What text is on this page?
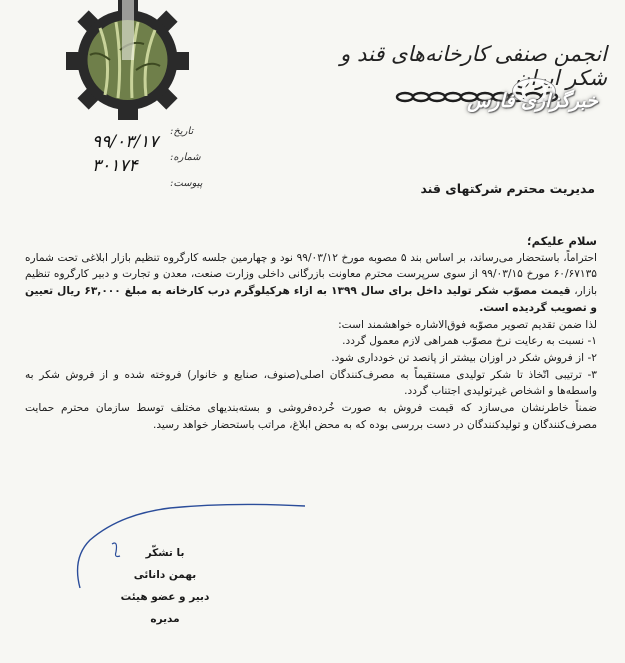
انجمن صنفی کارخانه‌های قند و شکر ایران
خبرگزاری فارس
تاریخ:
۹۹/۰۳/۱۷
شماره:
۳۰۱۷۴
پیوست:	مدیریت محترم شرکتهای قند

سلام علیکم؛

احتراماً، باستحضار می‌رساند، بر اساس بند ۵ مصوبه مورخ ۹۹/۰۳/۱۲ نود و چهارمین جلسه کارگروه تنظیم بازار ابلاغی تحت شماره ۶۰/۶۷۱۳۵ مورخ ۹۹/۰۳/۱۵ از سوی سرپرست محترم معاونت بازرگانی داخلی وزارت صنعت، معدن و تجارت و دبیر کارگروه تنظیم بازار، قیمت مصوّب شکر تولید داخل برای سال ۱۳۹۹ به ازاء هرکیلوگرم درب کارخانه به مبلغ ۶۳,۰۰۰ ریال تعیین و تصویب گردیده است.

لذا ضمن تقدیم تصویر مصوّبه فوق‌الاشاره خواهشمند است:

۱- نسبت به رعایت نرخ مصوّب همراهی لازم معمول گردد.

۲- از فروش شکر در اوزان بیشتر از پانصد تن خودداری شود.

۳- ترتیبی اتّخاذ تا شکر تولیدی مستقیماً به مصرف‌کنندگان اصلی(صنوف، صنایع و خانوار) فروخته شده و از فروش شکر به واسطه‌ها و اشخاص غیرتولیدی اجتناب گردد.

ضمناً خاطرنشان می‌سازد که قیمت فروش به صورت خُرده‌فروشی و بسته‌بندیهای مختلف توسط سازمان محترم حمایت مصرف‌کنندگان و تولیدکنندگان در دست بررسی بوده که به محض ابلاغ، مراتب باستحضار خواهد رسید.

با تشکّر
بهمن دانائی
دبیر و عضو هیئت مدیره
